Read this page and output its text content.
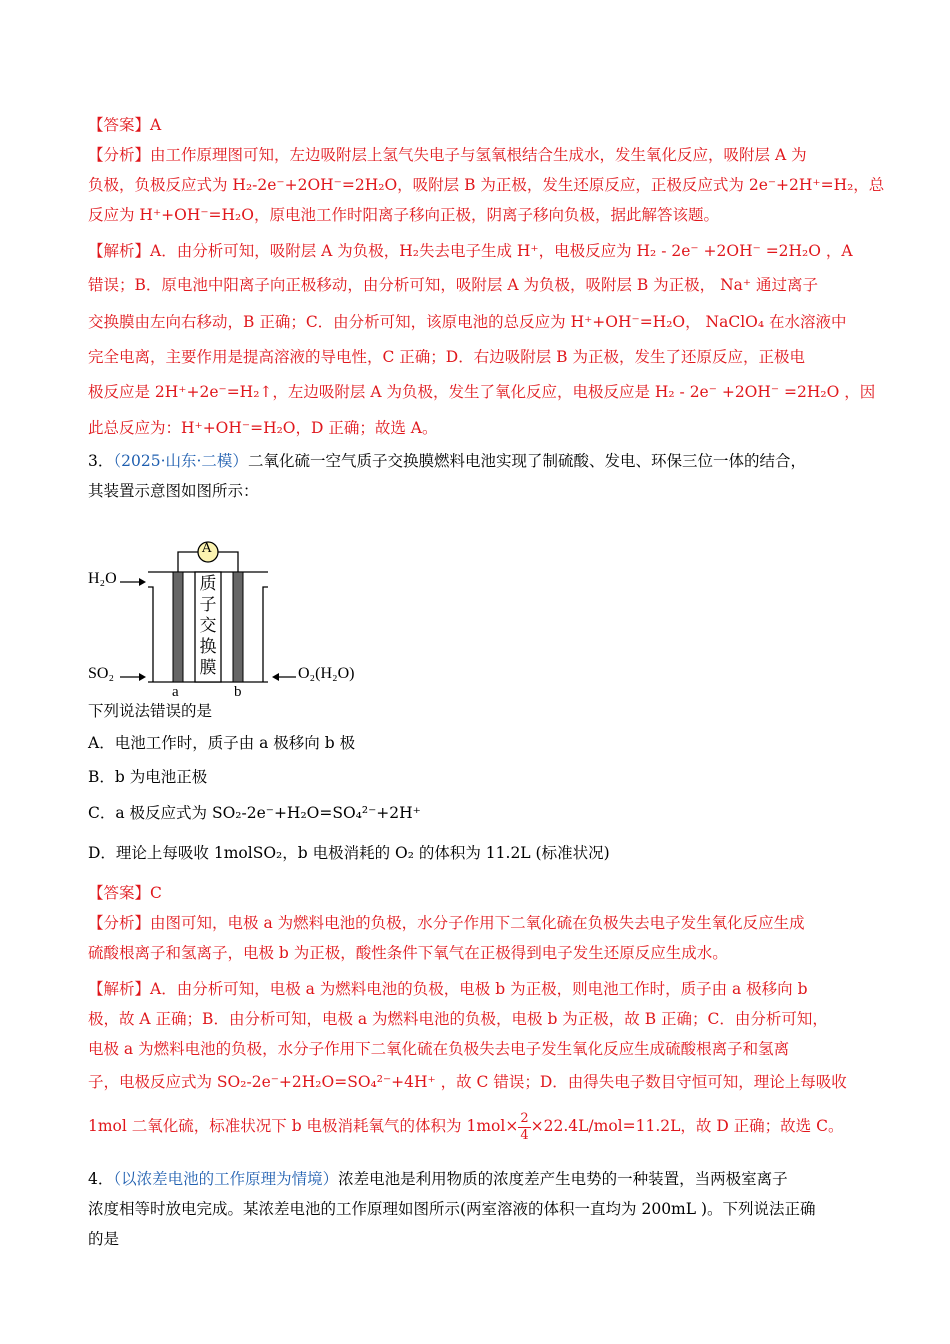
【答案】A
【分析】由工作原理图可知，左边吸附层上氢气失电子与氢氧根结合生成水，发生氧化反应，吸附层 A 为
负极，负极反应式为 H₂-2e⁻+2OH⁻=2H₂O，吸附层 B 为正极，发生还原反应，正极反应式为 2e⁻+2H⁺=H₂，总
反应为 H⁺+OH⁻=H₂O，原电池工作时阳离子移向正极，阴离子移向负极，据此解答该题。
【解析】A．由分析可知，吸附层 A 为负极，H₂失去电子生成 H⁺，电极反应为 H₂ - 2e⁻ +2OH⁻ =2H₂O ，A
错误；B．原电池中阳离子向正极移动，由分析可知，吸附层 A 为负极，吸附层 B 为正极， Na⁺ 通过离子
交换膜由左向右移动，B 正确；C．由分析可知，该原电池的总反应为 H⁺+OH⁻=H₂O， NaClO₄ 在水溶液中
完全电离，主要作用是提高溶液的导电性，C 正确；D．右边吸附层 B 为正极，发生了还原反应，正极电
极反应是 2H⁺+2e⁻=H₂↑，左边吸附层 A 为负极，发生了氧化反应，电极反应是 H₂ - 2e⁻ +2OH⁻ =2H₂O ，因
此总反应为：H⁺+OH⁻=H₂O，D 正确；故选 A。
3．（2025·山东·二模）二氧化硫一空气质子交换膜燃料电池实现了制硫酸、发电、环保三位一体的结合，
其装置示意图如图所示：
A
H₂O
SO₂	O₂(H₂O)
a	b
质
子
交
换
膜
下列说法错误的是
A．电池工作时，质子由 a 极移向 b 极
B．b 为电池正极
C．a 极反应式为 SO₂-2e⁻+H₂O=SO₄²⁻+2H⁺
D．理论上每吸收 1molSO₂，b 电极消耗的 O₂ 的体积为 11.2L (标准状况)
【答案】C
【分析】由图可知，电极 a 为燃料电池的负极，水分子作用下二氧化硫在负极失去电子发生氧化反应生成
硫酸根离子和氢离子，电极 b 为正极，酸性条件下氧气在正极得到电子发生还原反应生成水。
【解析】A．由分析可知，电极 a 为燃料电池的负极，电极 b 为正极，则电池工作时，质子由 a 极移向 b
极，故 A 正确；B．由分析可知，电极 a 为燃料电池的负极，电极 b 为正极，故 B 正确；C．由分析可知，
电极 a 为燃料电池的负极，水分子作用下二氧化硫在负极失去电子发生氧化反应生成硫酸根离子和氢离
子，电极反应式为 SO₂-2e⁻+2H₂O=SO₄²⁻+4H⁺ ，故 C 错误；D．由得失电子数目守恒可知，理论上每吸收
1mol 二氧化硫，标准状况下 b 电极消耗氧气的体积为 $1mol\times \frac{2}{4} \times 22.4L/mol=11.2L$，故 D 正确；故选 C。
4．（以浓差电池的工作原理为情境）浓差电池是利用物质的浓度差产生电势的一种装置，当两极室离子
浓度相等时放电完成。某浓差电池的工作原理如图所示(两室溶液的体积一直均为 200mL )。下列说法正确
的是
